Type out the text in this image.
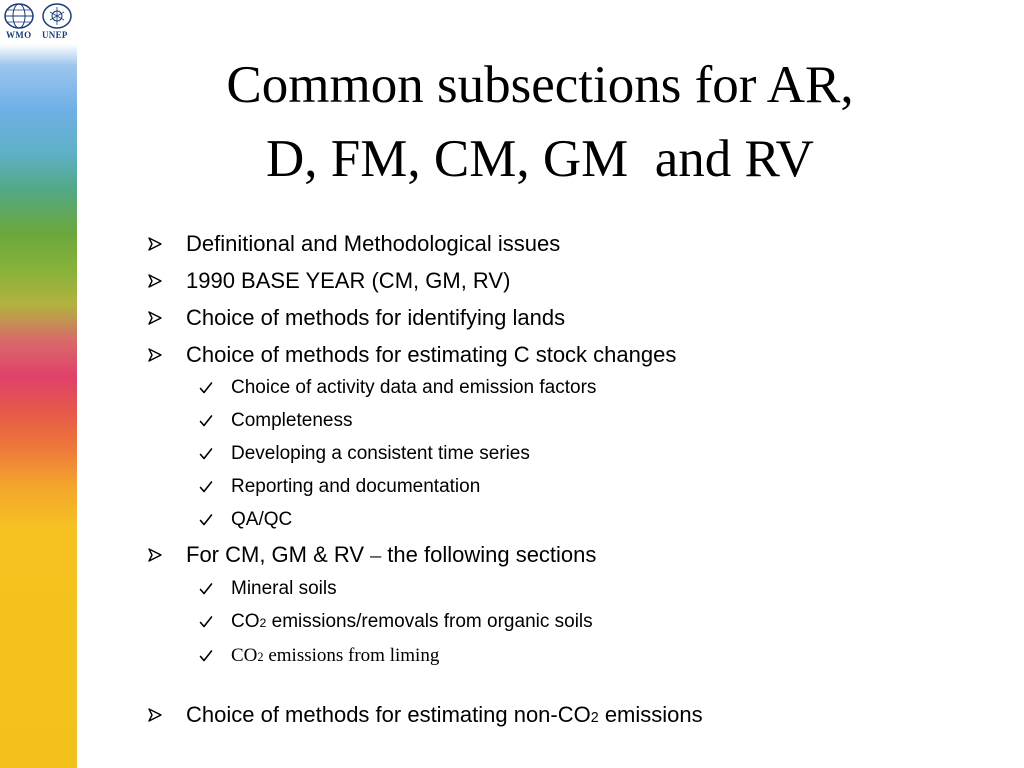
WMO UNEP
Common subsections for AR,
D, FM, CM, GM  and RV
Definitional and Methodological issues
1990 BASE YEAR (CM, GM, RV)
Choice of methods for identifying lands
Choice of methods for estimating C stock changes
Choice of activity data and emission factors
Completeness
Developing a consistent time series
Reporting and documentation
QA/QC
For CM, GM & RV – the following sections
Mineral soils
CO 2 emissions/removals from organic soils
CO 2 emissions from liming
Choice of methods for estimating non-CO 2 emissions
